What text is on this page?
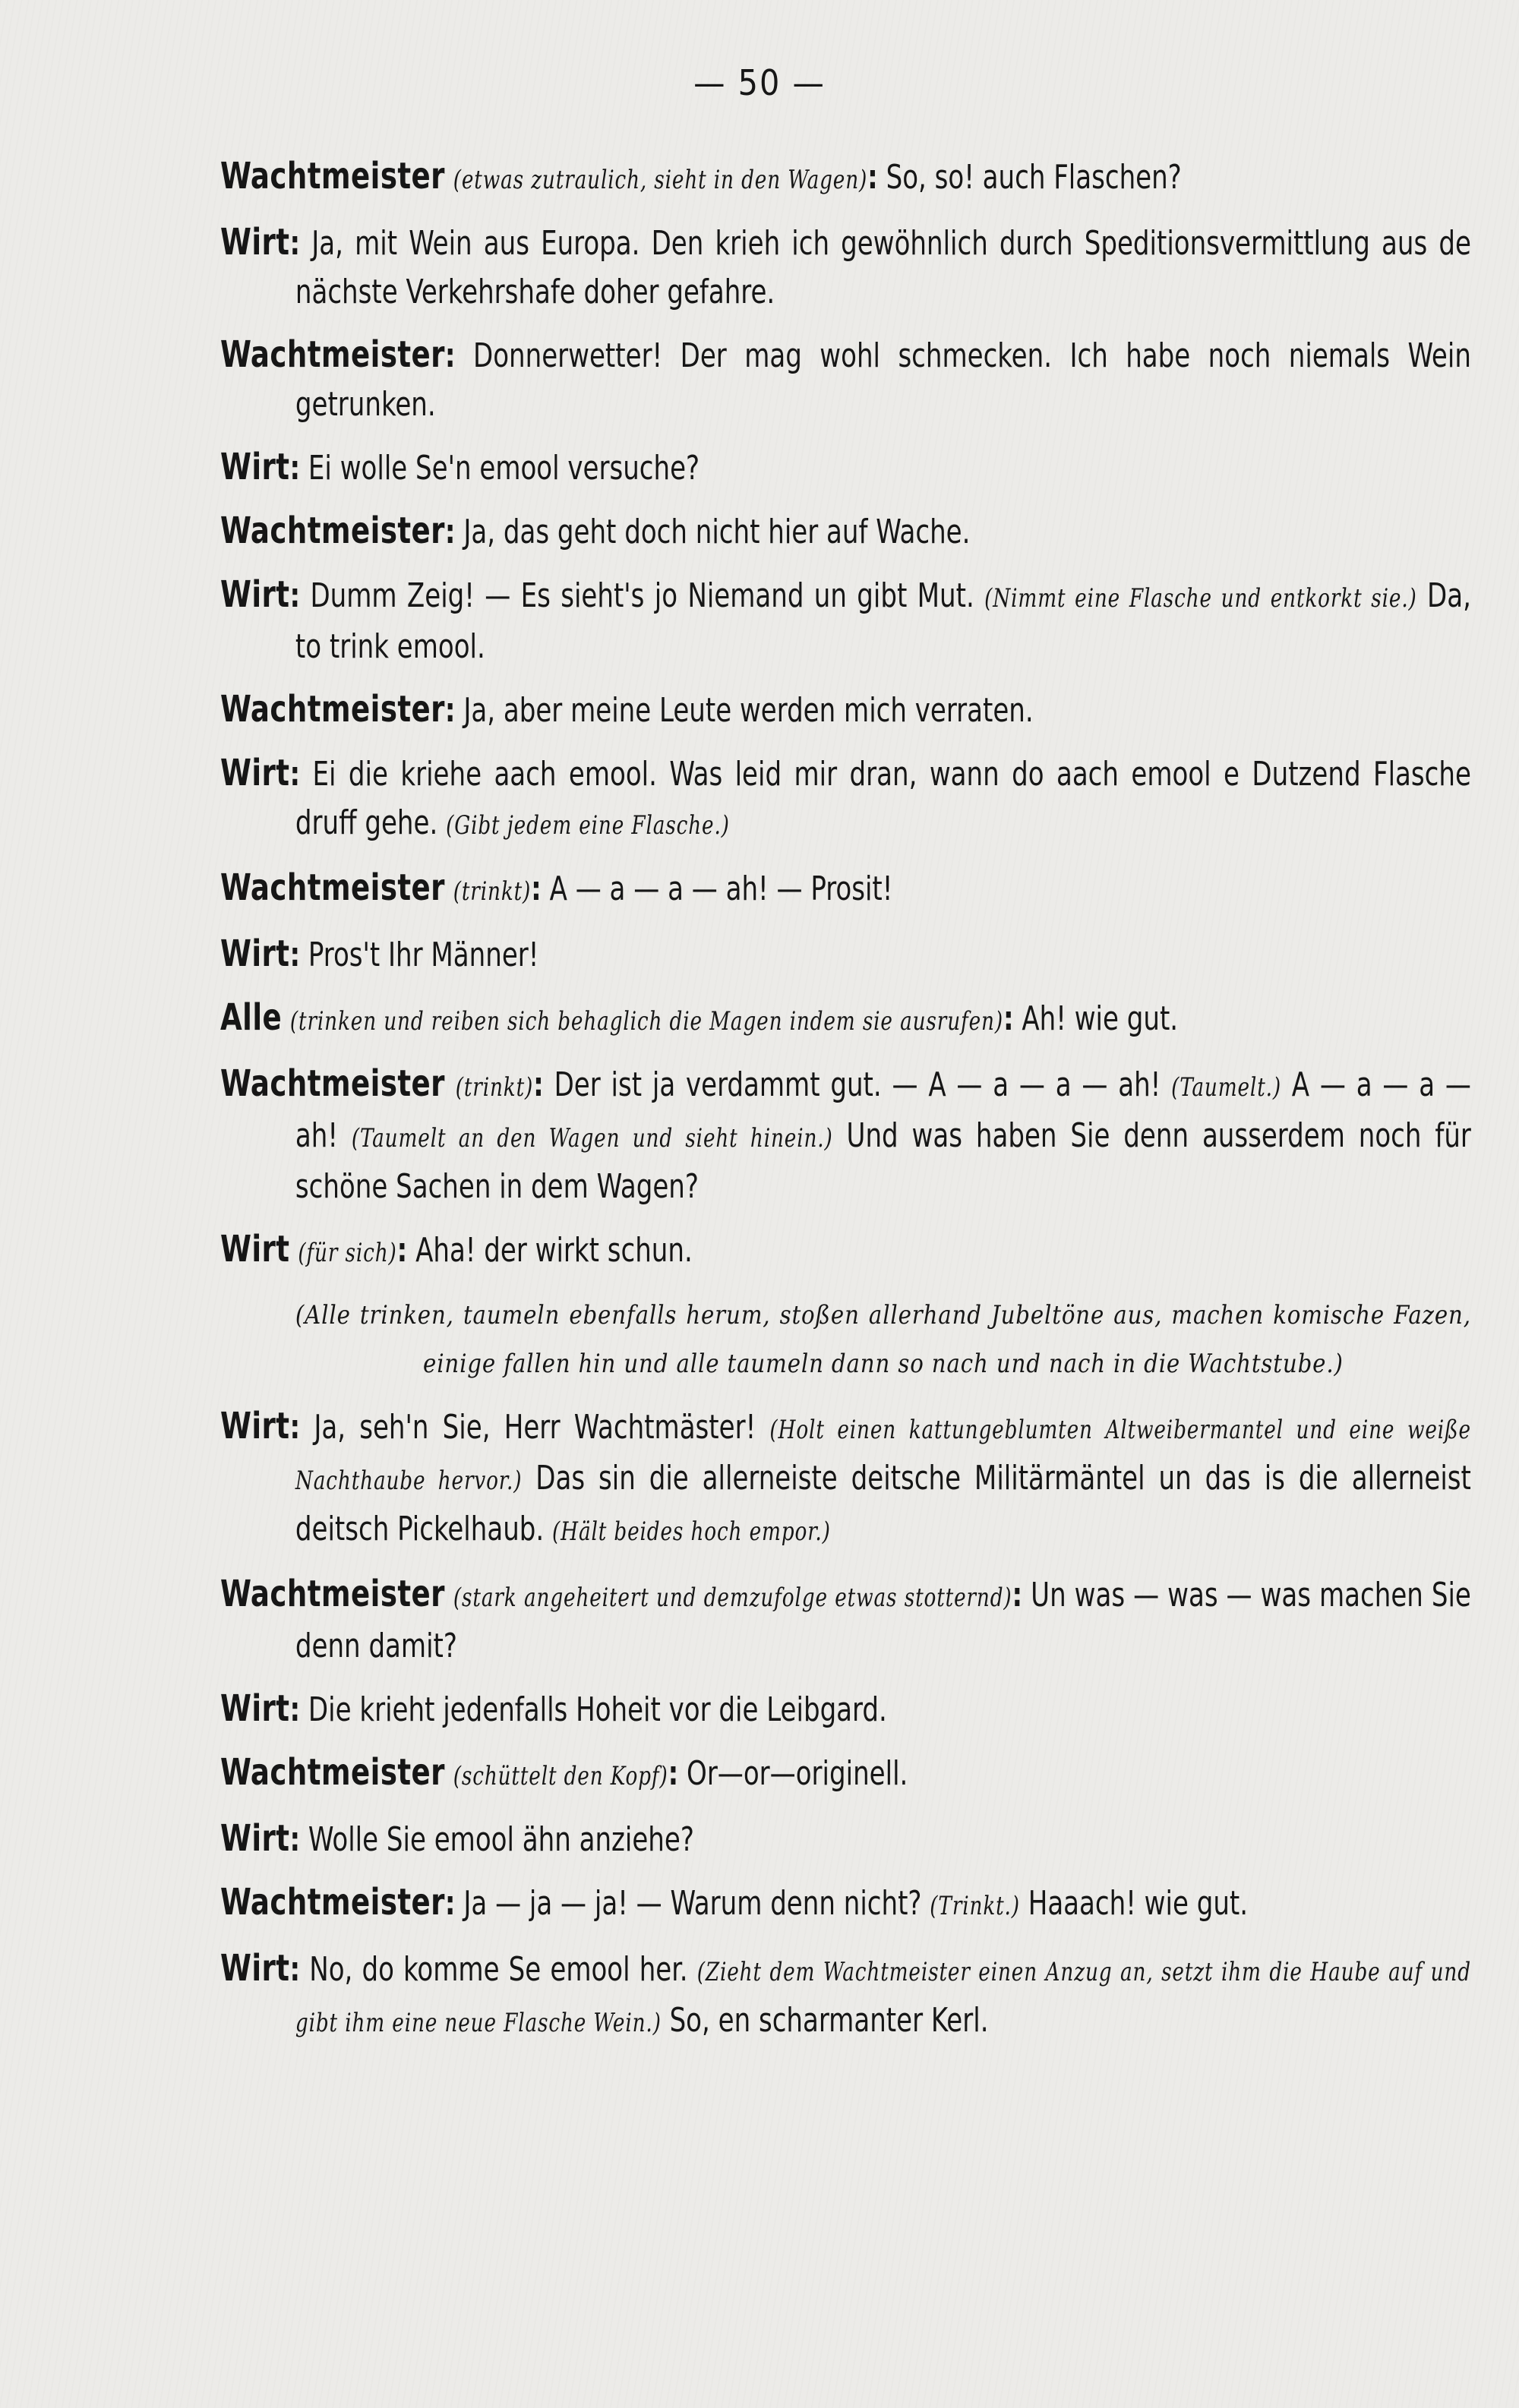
— 50 —
Wachtmeister (etwas zutraulich, sieht in den Wagen): So, so! auch Flaschen?
Wirt: Ja, mit Wein aus Europa. Den krieh ich gewöhnlich durch Speditionsvermittlung aus de nächste Verkehrshafe doher gefahre.
Wachtmeister: Donnerwetter! Der mag wohl schmecken. Ich habe noch niemals Wein getrunken.
Wirt: Ei wolle Se'n emool versuche?
Wachtmeister: Ja, das geht doch nicht hier auf Wache.
Wirt: Dumm Zeig! — Es sieht's jo Niemand un gibt Mut. (Nimmt eine Flasche und entkorkt sie.) Da, to trink emool.
Wachtmeister: Ja, aber meine Leute werden mich verraten.
Wirt: Ei die kriehe aach emool. Was leid mir dran, wann do aach emool e Dutzend Flasche druff gehe. (Gibt jedem eine Flasche.)
Wachtmeister (trinkt): A — a — a — ah! — Prosit!
Wirt: Pros't Ihr Männer!
Alle (trinken und reiben sich behaglich die Magen indem sie ausrufen): Ah! wie gut.
Wachtmeister (trinkt): Der ist ja verdammt gut. — A — a — a — ah! (Taumelt.) A — a — a — ah! (Taumelt an den Wagen und sieht hinein.) Und was haben Sie denn ausserdem noch für schöne Sachen in dem Wagen?
Wirt (für sich): Aha! der wirkt schun.
(Alle trinken, taumeln ebenfalls herum, stoßen allerhand Jubeltöne aus, machen komische Fazen, einige fallen hin und alle taumeln dann so nach und nach in die Wachtstube.)
Wirt: Ja, seh'n Sie, Herr Wachtmäster! (Holt einen kattungeblumten Altweibermantel und eine weiße Nachthaube hervor.) Das sin die allerneiste deitsche Militärmäntel un das is die allerneist deitsch Pickelhaub. (Hält beides hoch empor.)
Wachtmeister (stark angeheitert und demzufolge etwas stotternd): Un was — was — was machen Sie denn damit?
Wirt: Die krieht jedenfalls Hoheit vor die Leibgard.
Wachtmeister (schüttelt den Kopf): Or—or—originell.
Wirt: Wolle Sie emool ähn anziehe?
Wachtmeister: Ja — ja — ja! — Warum denn nicht? (Trinkt.) Haaach! wie gut.
Wirt: No, do komme Se emool her. (Zieht dem Wachtmeister einen Anzug an, setzt ihm die Haube auf und gibt ihm eine neue Flasche Wein.) So, en scharmanter Kerl.
